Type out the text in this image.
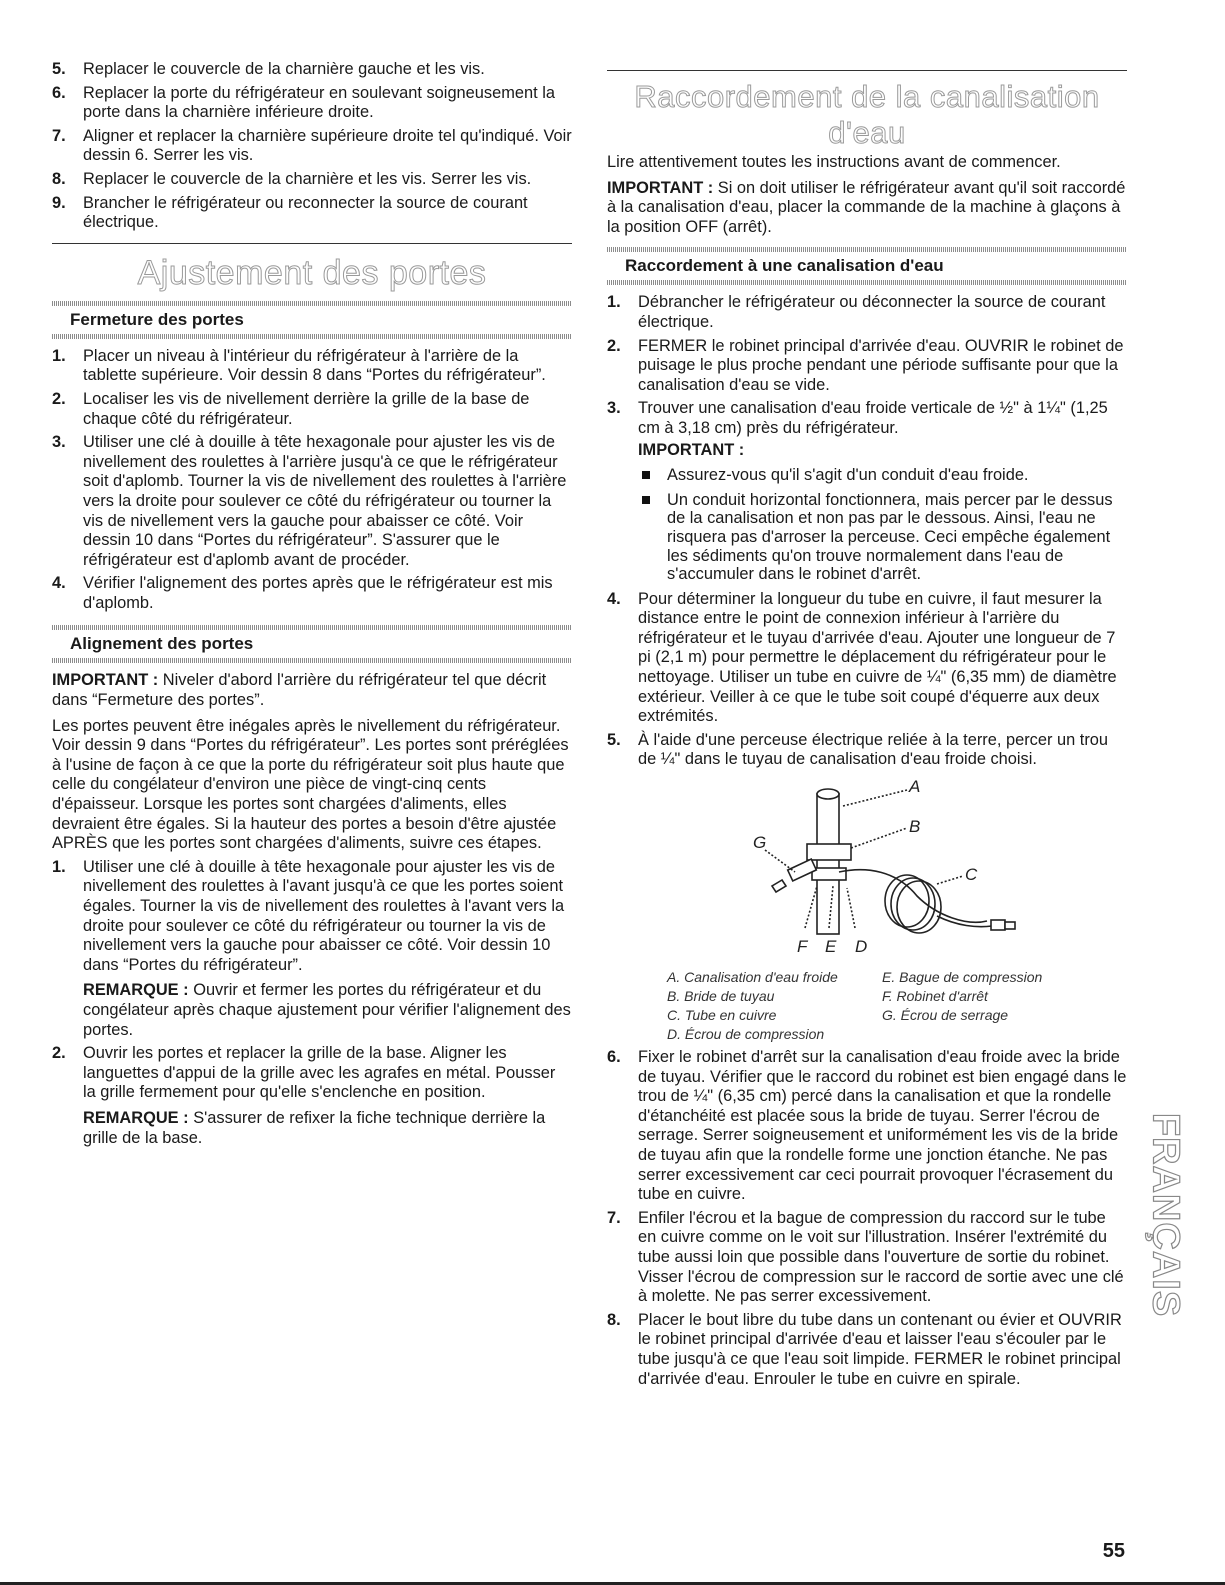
5. Replacer le couvercle de la charnière gauche et les vis.
6. Replacer la porte du réfrigérateur en soulevant soigneusement la porte dans la charnière inférieure droite.
7. Aligner et replacer la charnière supérieure droite tel qu'indiqué. Voir dessin 6. Serrer les vis.
8. Replacer le couvercle de la charnière et les vis. Serrer les vis.
9. Brancher le réfrigérateur ou reconnecter la source de courant électrique.
Ajustement des portes
Fermeture des portes
1. Placer un niveau à l'intérieur du réfrigérateur à l'arrière de la tablette supérieure. Voir dessin 8 dans “Portes du réfrigérateur”.
2. Localiser les vis de nivellement derrière la grille de la base de chaque côté du réfrigérateur.
3. Utiliser une clé à douille à tête hexagonale pour ajuster les vis de nivellement des roulettes à l'arrière jusqu'à ce que le réfrigérateur soit d'aplomb. Tourner la vis de nivellement des roulettes à l'arrière vers la droite pour soulever ce côté du réfrigérateur ou tourner la vis de nivellement vers la gauche pour abaisser ce côté. Voir dessin 10 dans “Portes du réfrigérateur”. S'assurer que le réfrigérateur est d'aplomb avant de procéder.
4. Vérifier l'alignement des portes après que le réfrigérateur est mis d'aplomb.
Alignement des portes

IMPORTANT : Niveler d'abord l'arrière du réfrigérateur tel que décrit dans “Fermeture des portes”.

Les portes peuvent être inégales après le nivellement du réfrigérateur. Voir dessin 9 dans “Portes du réfrigérateur”. Les portes sont préréglées à l'usine de façon à ce que la porte du réfrigérateur soit plus haute que celle du congélateur d'environ une pièce de vingt-cinq cents d'épaisseur. Lorsque les portes sont chargées d'aliments, elles devraient être égales. Si la hauteur des portes a besoin d'être ajustée APRÈS que les portes sont chargées d'aliments, suivre ces étapes.

1. Utiliser une clé à douille à tête hexagonale pour ajuster les vis de nivellement des roulettes à l'avant jusqu'à ce que les portes soient égales. Tourner la vis de nivellement des roulettes à l'avant vers la droite pour soulever ce côté du réfrigérateur ou tourner la vis de nivellement vers la gauche pour abaisser ce côté. Voir dessin 10 dans “Portes du réfrigérateur”.

REMARQUE : Ouvrir et fermer les portes du réfrigérateur et du congélateur après chaque ajustement pour vérifier l'alignement des portes.

2. Ouvrir les portes et replacer la grille de la base. Aligner les languettes d'appui de la grille avec les agrafes en métal. Pousser la grille fermement pour qu'elle s'enclenche en position.

REMARQUE : S'assurer de refixer la fiche technique derrière la grille de la base.

Raccordement de la canalisation d'eau

Lire attentivement toutes les instructions avant de commencer.

IMPORTANT : Si on doit utiliser le réfrigérateur avant qu'il soit raccordé à la canalisation d'eau, placer la commande de la machine à glaçons à la position OFF (arrêt).

Raccordement à une canalisation d'eau
1. Débrancher le réfrigérateur ou déconnecter la source de courant électrique.
2. FERMER le robinet principal d'arrivée d'eau. OUVRIR le robinet de puisage le plus proche pendant une période suffisante pour que la canalisation d'eau se vide.
3. Trouver une canalisation d'eau froide verticale de ½" à 1¼" (1,25 cm à 3,18 cm) près du réfrigérateur.

IMPORTANT :

Assurez-vous qu'il s'agit d'un conduit d'eau froide.
Un conduit horizontal fonctionnera, mais percer par le dessus de la canalisation et non pas par le dessous. Ainsi, l'eau ne risquera pas d'arroser la perceuse. Ceci empêche également les sédiments qu'on trouve normalement dans l'eau de s'accumuler dans le robinet d'arrêt.
4. Pour déterminer la longueur du tube en cuivre, il faut mesurer la distance entre le point de connexion inférieur à l'arrière du réfrigérateur et le tuyau d'arrivée d'eau. Ajouter une longueur de 7 pi (2,1 m) pour permettre le déplacement du réfrigérateur pour le nettoyage. Utiliser un tube en cuivre de ¼" (6,35 mm) de diamètre extérieur. Veiller à ce que le tube soit coupé d'équerre aux deux extrémités.
5. À l'aide d'une perceuse électrique reliée à la terre, percer un trou de ¼" dans le tuyau de canalisation d'eau froide choisi.
A
B
C
G
F E D
A. Canalisation d'eau froide
B. Bride de tuyau
C. Tube en cuivre
D. Écrou de compression
E. Bague de compression
F. Robinet d'arrêt
G. Écrou de serrage
6. Fixer le robinet d'arrêt sur la canalisation d'eau froide avec la bride de tuyau. Vérifier que le raccord du robinet est bien engagé dans le trou de ¼" (6,35 cm) percé dans la canalisation et que la rondelle d'étanchéité est placée sous la bride de tuyau. Serrer l'écrou de serrage. Serrer soigneusement et uniformément les vis de la bride de tuyau afin que la rondelle forme une jonction étanche. Ne pas serrer excessivement car ceci pourrait provoquer l'écrasement du tube en cuivre.
7. Enfiler l'écrou et la bague de compression du raccord sur le tube en cuivre comme on le voit sur l'illustration. Insérer l'extrémité du tube aussi loin que possible dans l'ouverture de sortie du robinet. Visser l'écrou de compression sur le raccord de sortie avec une clé à molette. Ne pas serrer excessivement.
8. Placer le bout libre du tube dans un contenant ou évier et OUVRIR le robinet principal d'arrivée d'eau et laisser l'eau s'écouler par le tube jusqu'à ce que l'eau soit limpide. FERMER le robinet principal d'arrivée d'eau. Enrouler le tube en cuivre en spirale.
FRANÇAIS
55
